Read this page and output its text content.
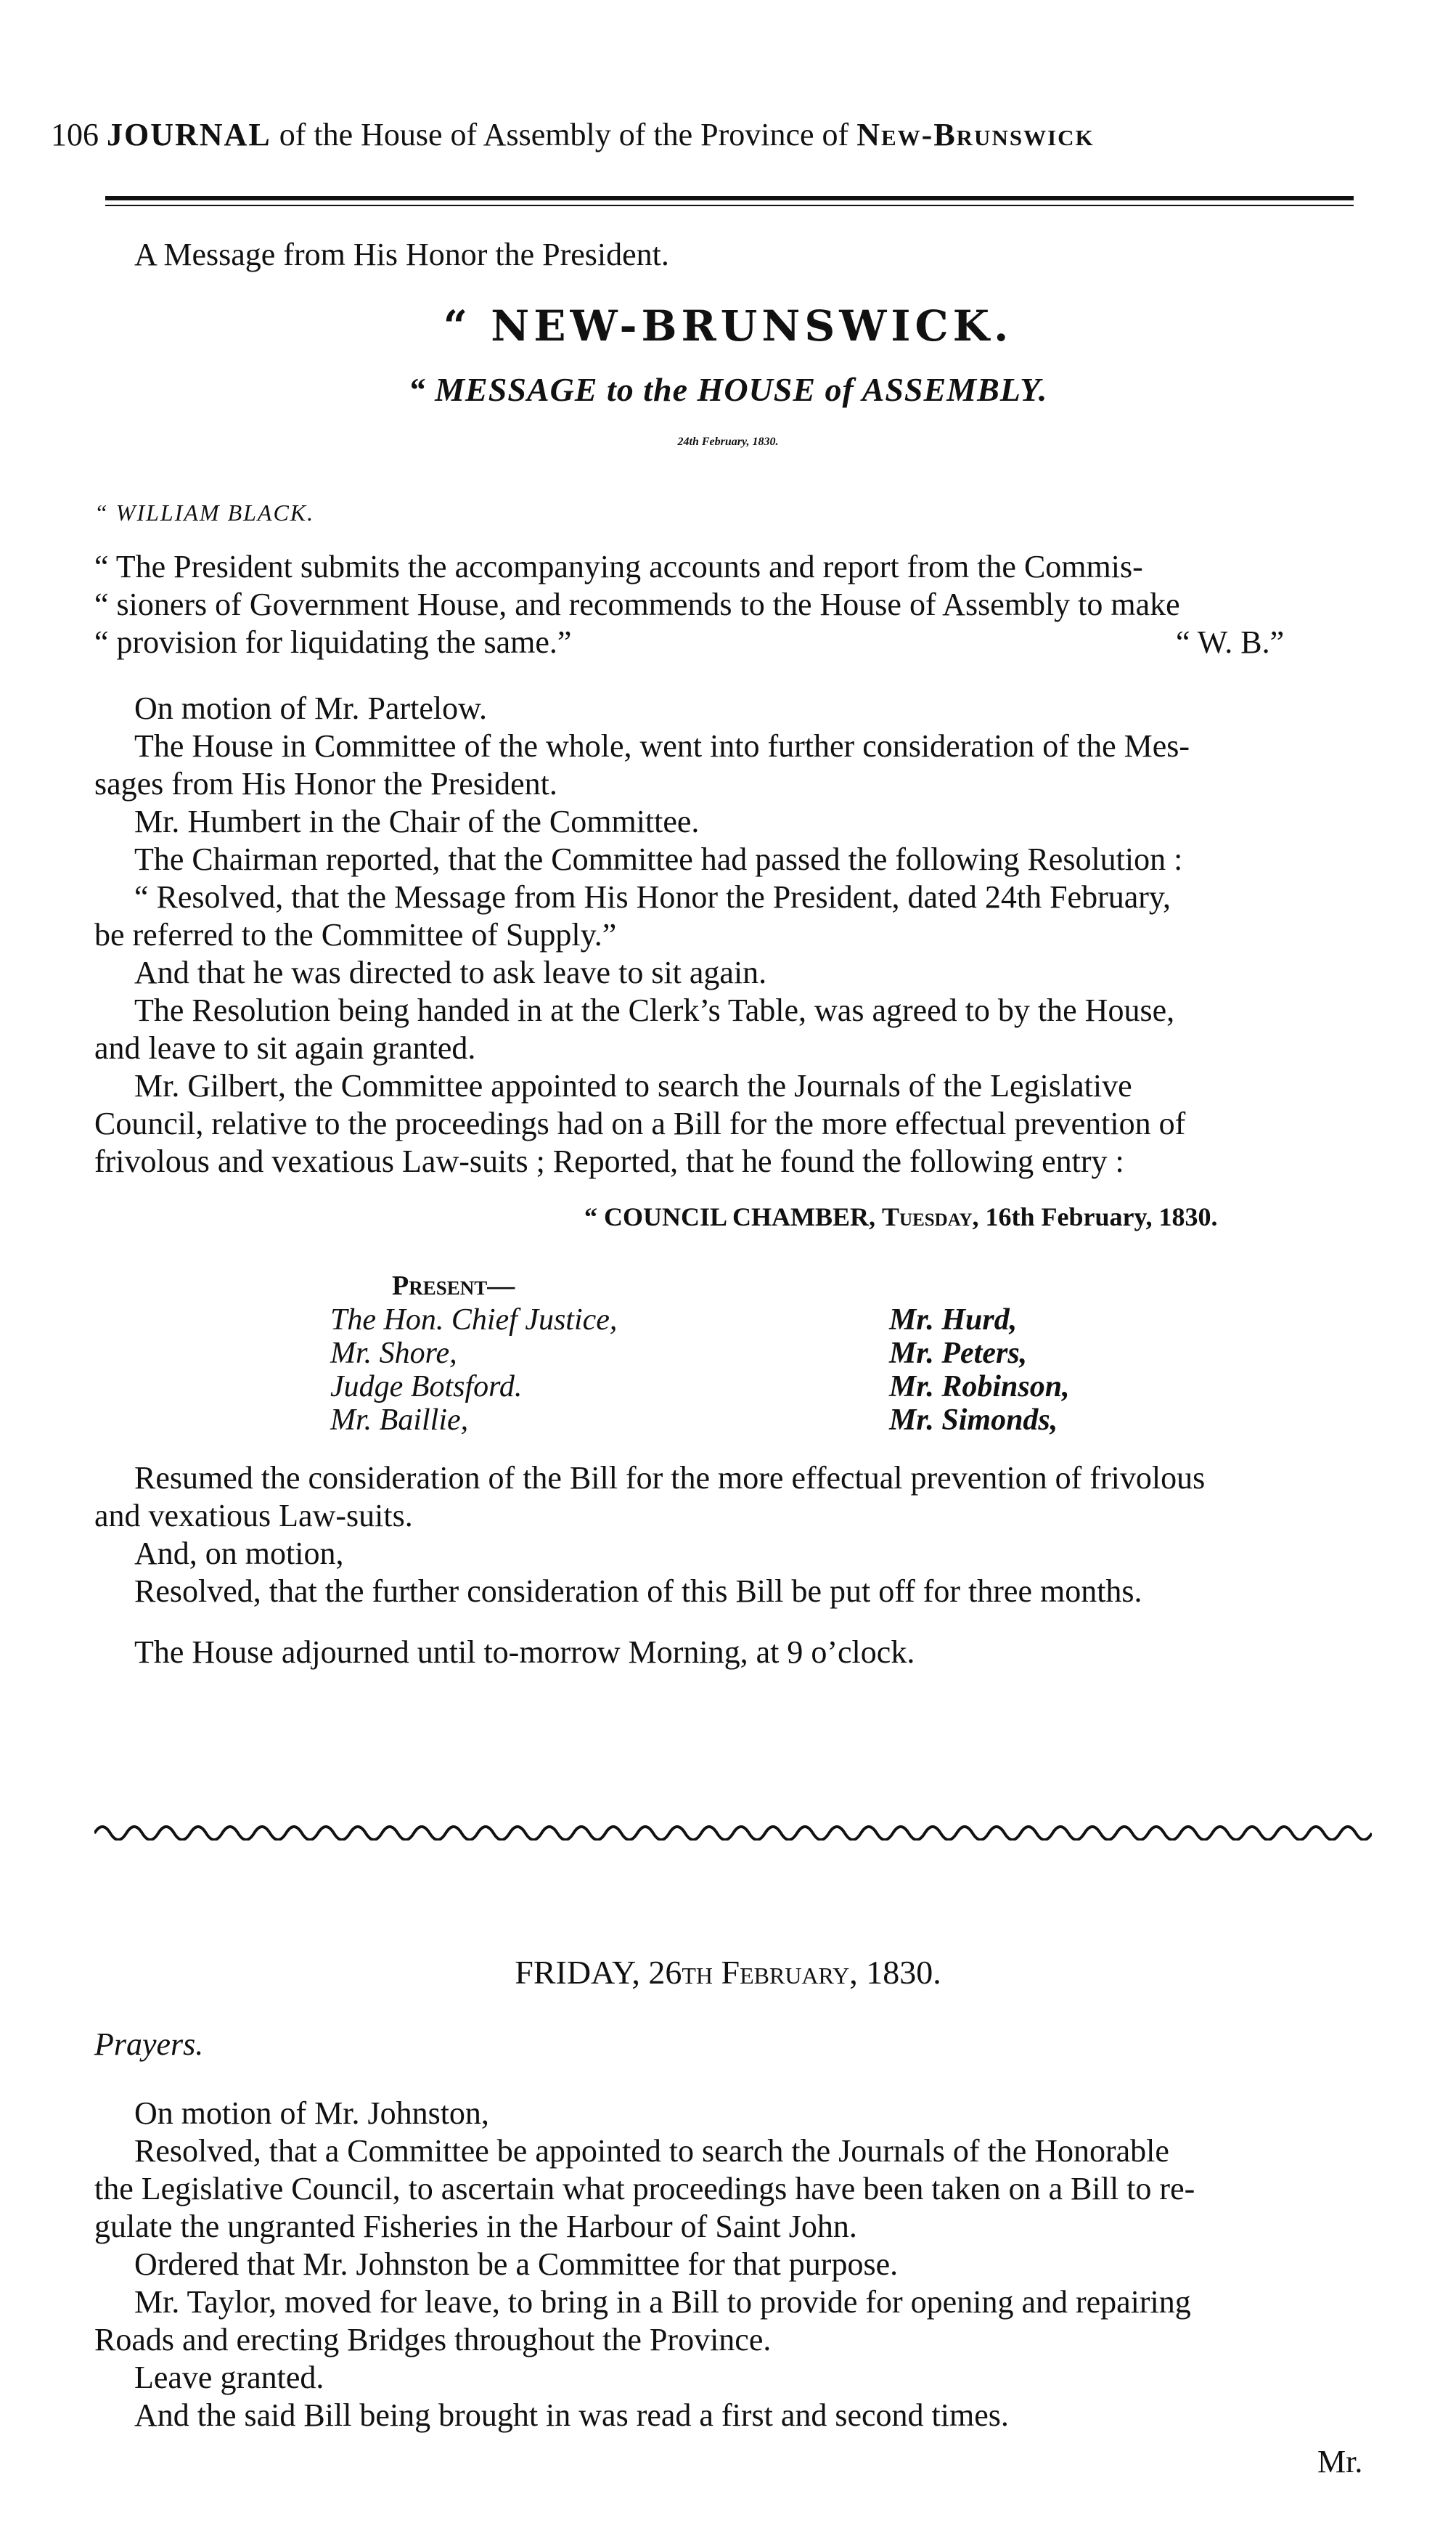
106 JOURNAL of the House of Assembly of the Province of New-Brunswick
A Message from His Honor the President.
“ NEW-BRUNSWICK.
“ MESSAGE to the HOUSE of ASSEMBLY.
24th February, 1830.
“ WILLIAM BLACK.
“ The President submits the accompanying accounts and report from the Commis-
“ sioners of Government House, and recommends to the House of Assembly to make
“ provision for liquidating the same.”	“ W. B.”
On motion of Mr. Partelow.
The House in Committee of the whole, went into further consideration of the Mes-
sages from His Honor the President.
Mr. Humbert in the Chair of the Committee.
The Chairman reported, that the Committee had passed the following Resolution :
“ Resolved, that the Message from His Honor the President, dated 24th February,
be referred to the Committee of Supply.”
And that he was directed to ask leave to sit again.
The Resolution being handed in at the Clerk’s Table, was agreed to by the House,
and leave to sit again granted.
Mr. Gilbert, the Committee appointed to search the Journals of the Legislative
Council, relative to the proceedings had on a Bill for the more effectual prevention of
frivolous and vexatious Law-suits ; Reported, that he found the following entry :
“ COUNCIL CHAMBER, Tuesday, 16th February, 1830.
Present—
The Hon. Chief Justice,
Mr. Shore,
Judge Botsford.
Mr. Baillie,
Mr. Hurd,
Mr. Peters,
Mr. Robinson,
Mr. Simonds,
Resumed the consideration of the Bill for the more effectual prevention of frivolous
and vexatious Law-suits.
And, on motion,
Resolved, that the further consideration of this Bill be put off for three months.
The House adjourned until to-morrow Morning, at 9 o’clock.
FRIDAY, 26th February, 1830.
Prayers.
On motion of Mr. Johnston,
Resolved, that a Committee be appointed to search the Journals of the Honorable
the Legislative Council, to ascertain what proceedings have been taken on a Bill to re-
gulate the ungranted Fisheries in the Harbour of Saint John.
Ordered that Mr. Johnston be a Committee for that purpose.
Mr. Taylor, moved for leave, to bring in a Bill to provide for opening and repairing
Roads and erecting Bridges throughout the Province.
Leave granted.
And the said Bill being brought in was read a first and second times.
Mr.
